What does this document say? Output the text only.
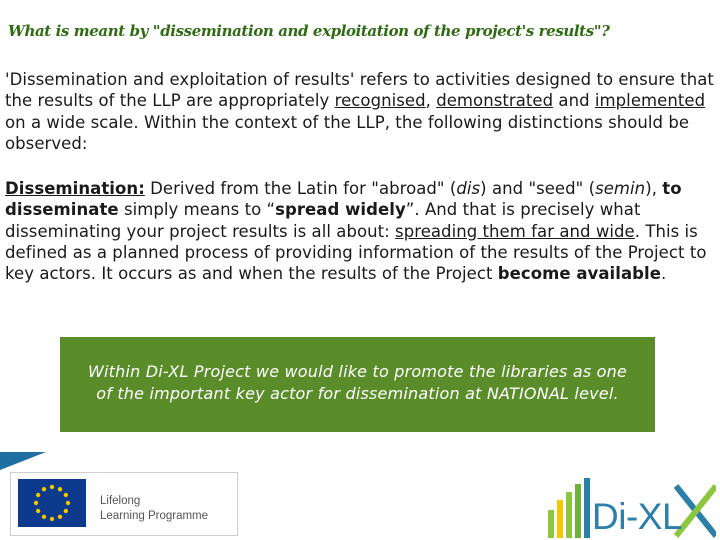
What is meant by "dissemination and exploitation of the project's results"?

'Dissemination and exploitation of results' refers to activities designed to ensure that the results of the LLP are appropriately recognised, demonstrated and implemented on a wide scale. Within the context of the LLP, the following distinctions should be observed:

Dissemination: Derived from the Latin for "abroad" (dis) and "seed" (semin), to disseminate simply means to “spread widely”. And that is precisely what disseminating your project results is all about: spreading them far and wide. This is defined as a planned process of providing information of the results of the Project to key actors. It occurs as and when the results of the Project become available.

Within Di-XL Project we would like to promote the libraries as one
of the important key actor for dissemination at NATIONAL level.
Lifelong
Learning Programme	Di-XL
